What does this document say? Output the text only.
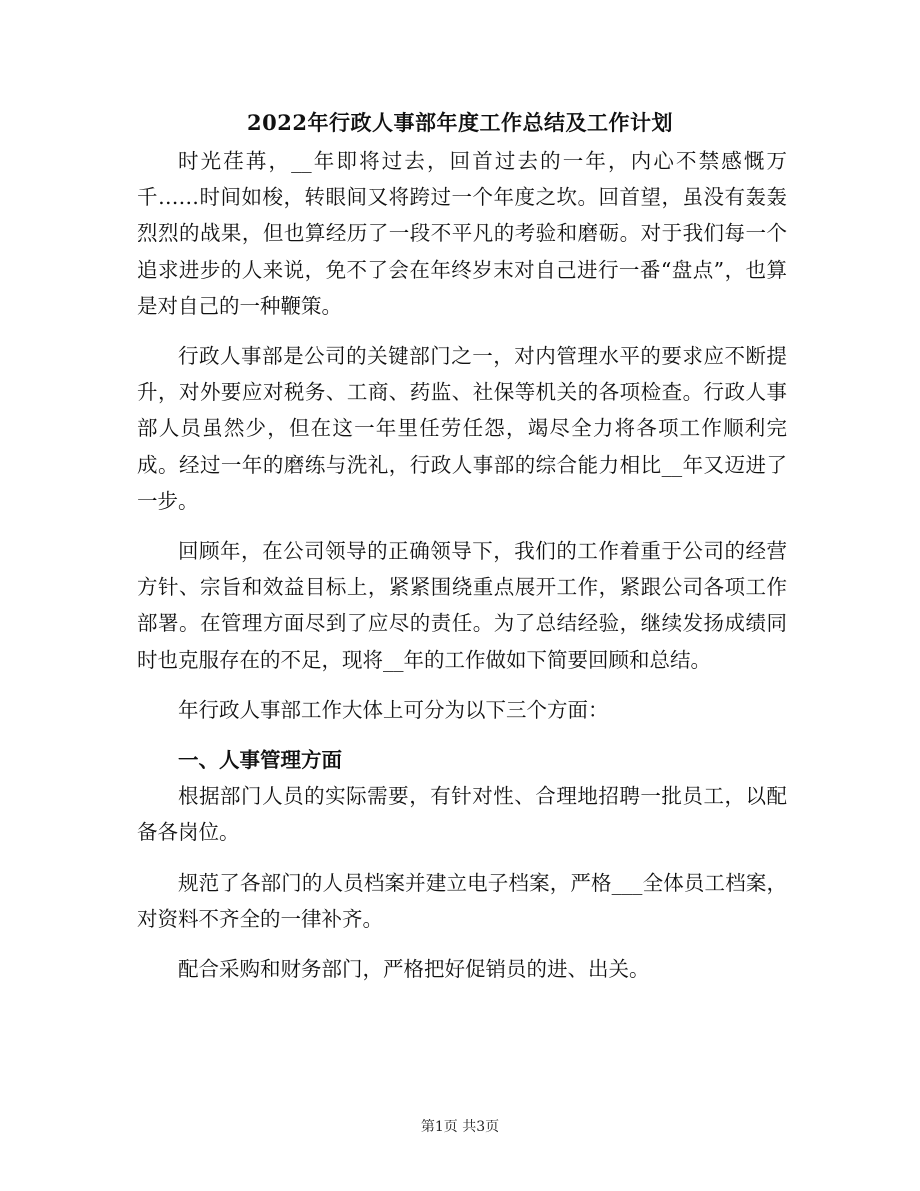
2022年行政人事部年度工作总结及工作计划

时光荏苒，__年即将过去，回首过去的一年，内心不禁感慨万千……时间如梭，转眼间又将跨过一个年度之坎。回首望，虽没有轰轰烈烈的战果，但也算经历了一段不平凡的考验和磨砺。对于我们每一个追求进步的人来说，免不了会在年终岁末对自己进行一番“盘点”，也算是对自己的一种鞭策。

行政人事部是公司的关键部门之一，对内管理水平的要求应不断提升，对外要应对税务、工商、药监、社保等机关的各项检查。行政人事部人员虽然少，但在这一年里任劳任怨，竭尽全力将各项工作顺利完成。经过一年的磨练与洗礼，行政人事部的综合能力相比__年又迈进了一步。

回顾年，在公司领导的正确领导下，我们的工作着重于公司的经营方针、宗旨和效益目标上，紧紧围绕重点展开工作，紧跟公司各项工作部署。在管理方面尽到了应尽的责任。为了总结经验，继续发扬成绩同时也克服存在的不足，现将__年的工作做如下简要回顾和总结。

年行政人事部工作大体上可分为以下三个方面：

一、人事管理方面

根据部门人员的实际需要，有针对性、合理地招聘一批员工，以配备各岗位。

规范了各部门的人员档案并建立电子档案，严格___全体员工档案，对资料不齐全的一律补齐。

配合采购和财务部门，严格把好促销员的进、出关。

第1页 共3页
